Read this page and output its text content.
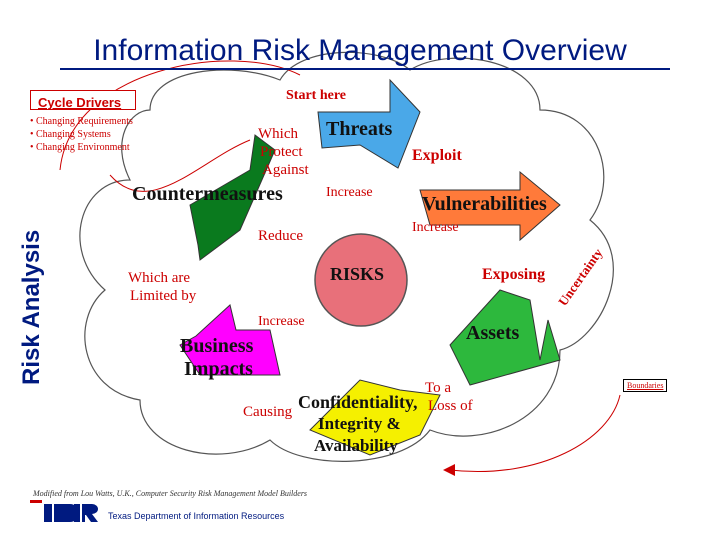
Information Risk Management Overview
Risk Analysis
Cycle Drivers
• Changing Requirements
• Changing Systems
• Changing Environment
Start here
Threats
Which
Protect
Against
Exploit
Vulnerabilities
Increase
Exposing
Assets
To a
Loss of
Causing Confidentiality,
Integrity &
Availability
Business
Impacts
Increase
Which are
Limited by
Countermeasures	Increase
Reduce
RISKS	Uncertainty
Boundaries
Modified from Lou Watts, U.K., Computer Security Risk Management Model Builders
Texas Department of Information Resources
